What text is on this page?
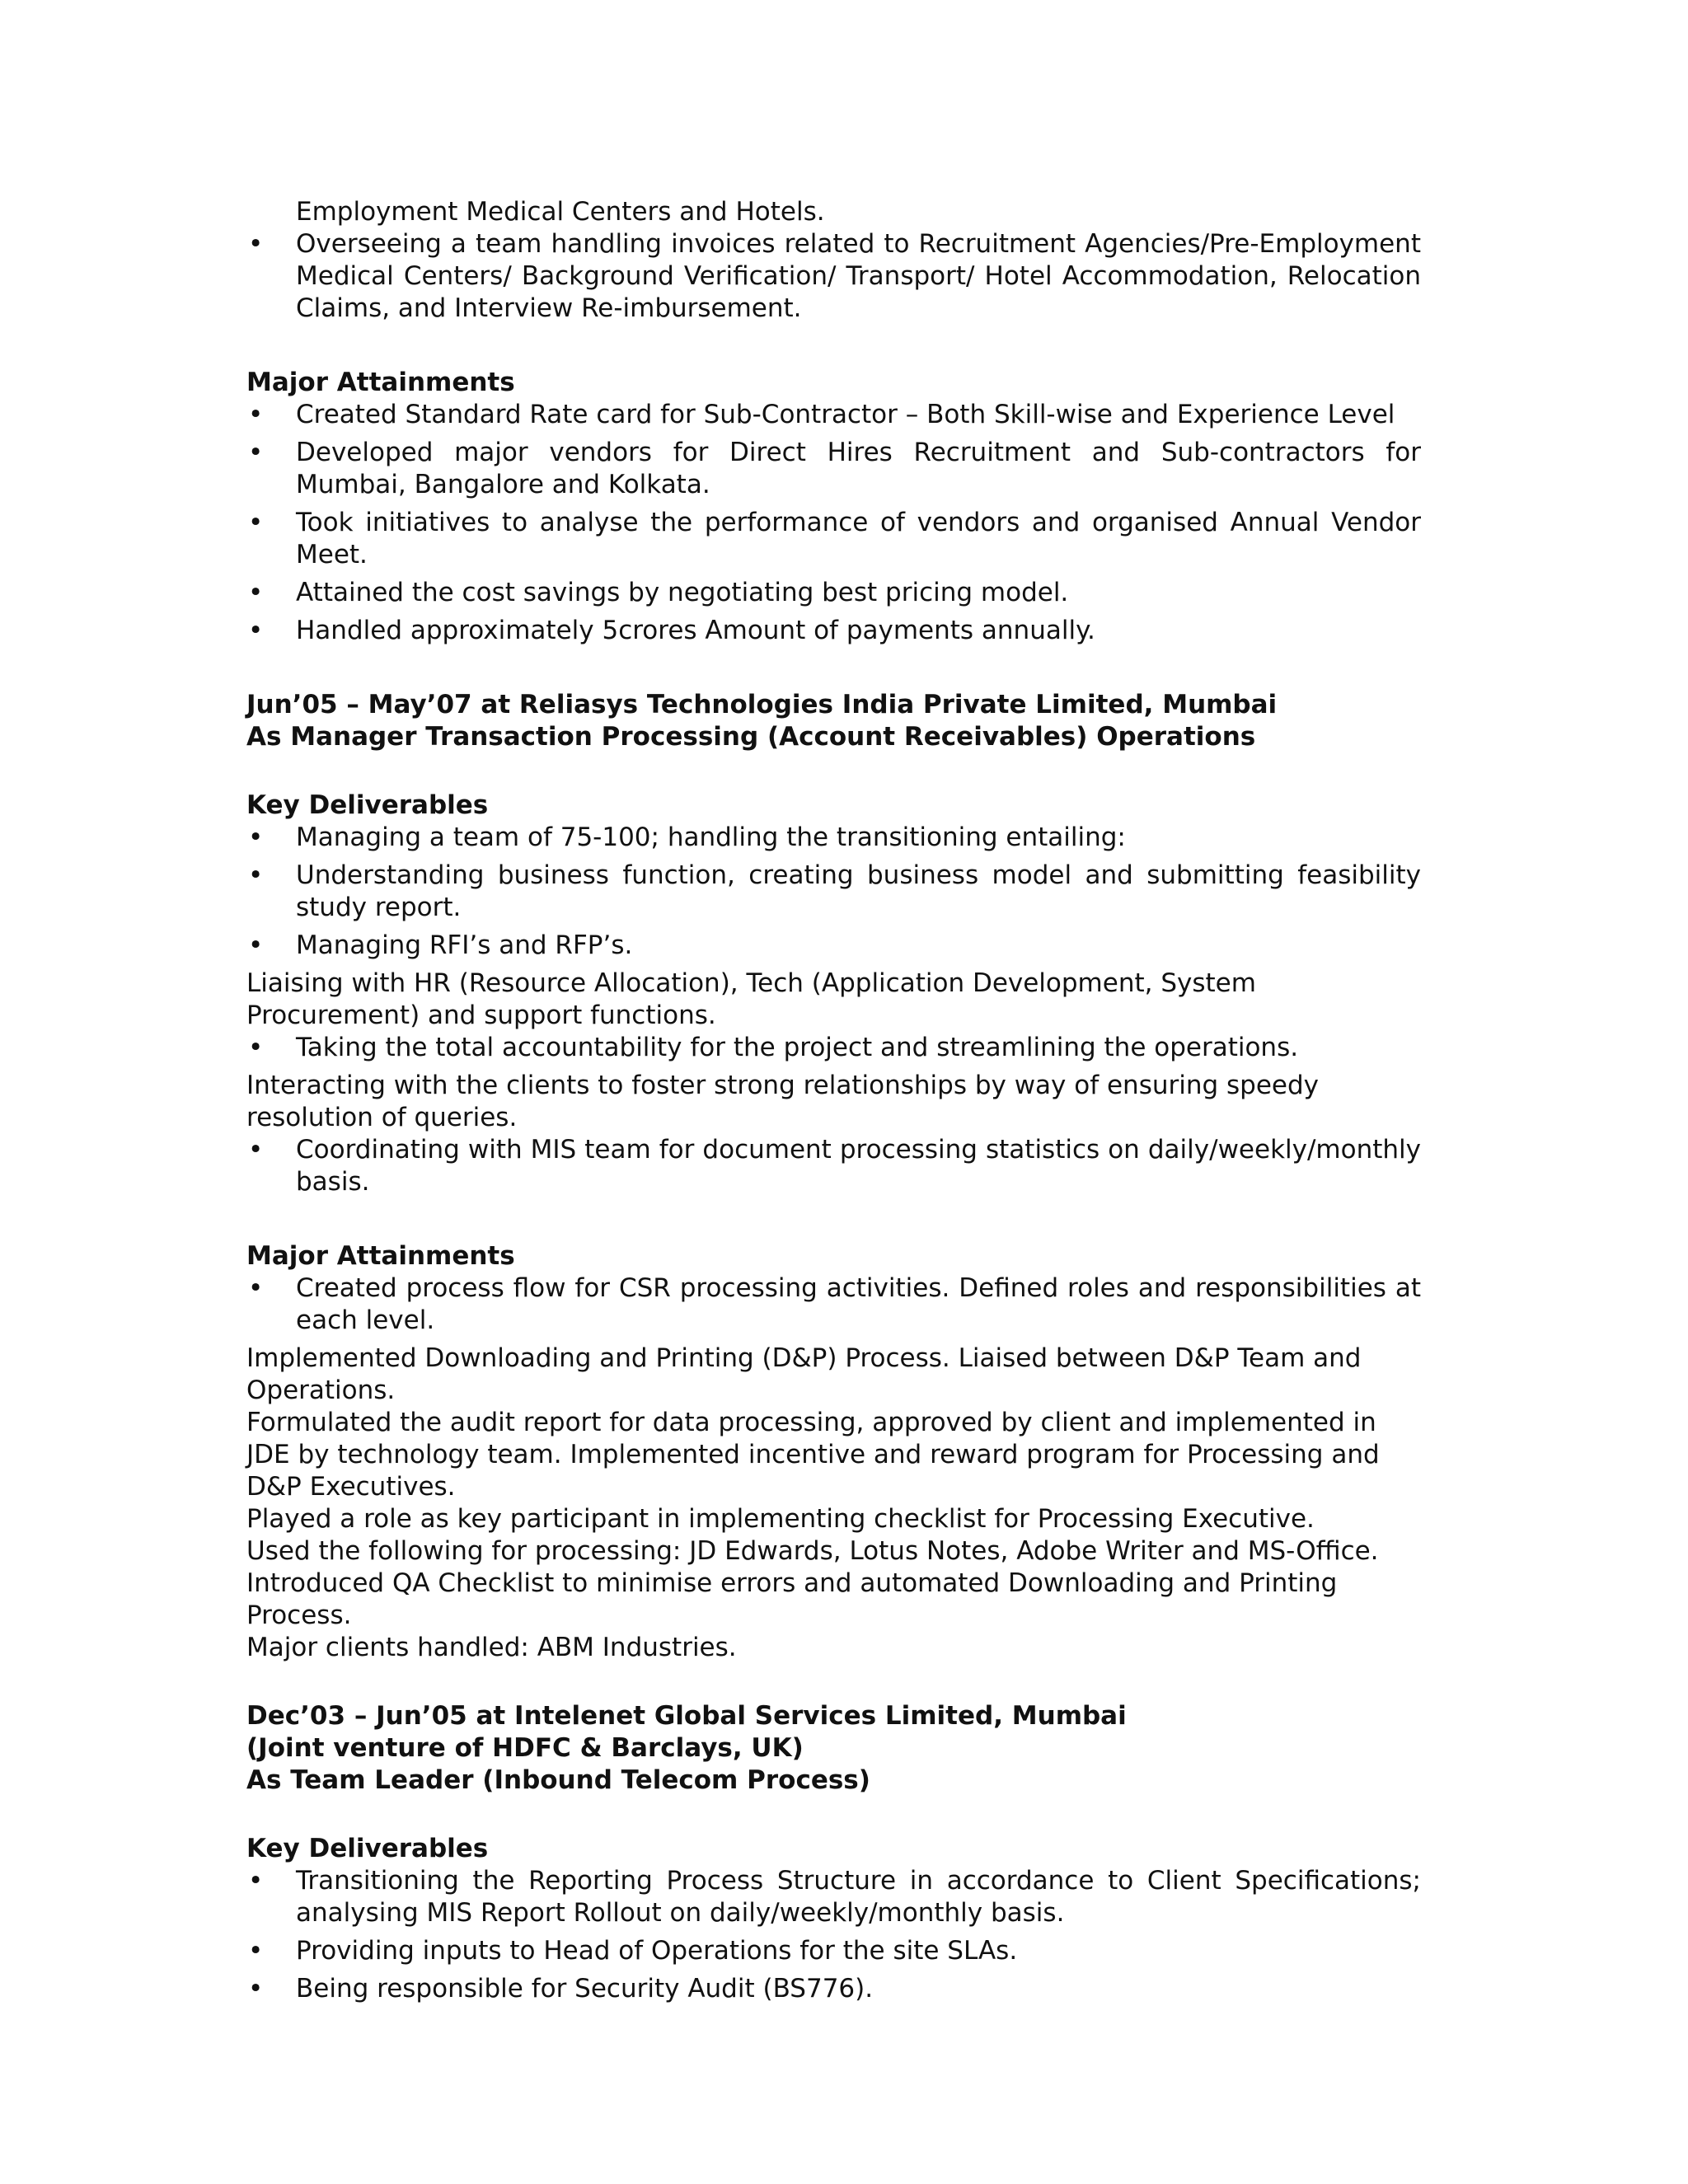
Employment Medical Centers and Hotels.
• Overseeing a team handling invoices related to Recruitment Agencies/Pre-Employment Medical Centers/ Background Verification/ Transport/ Hotel Accommodation, Relocation Claims, and Interview Re-imbursement.
Major Attainments
• Created Standard Rate card for Sub-Contractor – Both Skill-wise and Experience Level
• Developed major vendors for Direct Hires Recruitment and Sub-contractors for Mumbai, Bangalore and Kolkata.
• Took initiatives to analyse the performance of vendors and organised Annual Vendor Meet.
• Attained the cost savings by negotiating best pricing model.
• Handled approximately 5crores Amount of payments annually.
Jun’05 – May’07 at Reliasys Technologies India Private Limited, Mumbai
As Manager Transaction Processing (Account Receivables) Operations
Key Deliverables
• Managing a team of 75-100; handling the transitioning entailing:
• Understanding business function, creating business model and submitting feasibility study report.
• Managing RFI’s and RFP’s.
Liaising with HR (Resource Allocation), Tech (Application Development, System Procurement) and support functions.
• Taking the total accountability for the project and streamlining the operations.
Interacting with the clients to foster strong relationships by way of ensuring speedy resolution of queries.
• Coordinating with MIS team for document processing statistics on daily/weekly/monthly basis.
Major Attainments
• Created process flow for CSR processing activities. Defined roles and responsibilities at each level.
Implemented Downloading and Printing (D&P) Process. Liaised between D&P Team and Operations.
Formulated the audit report for data processing, approved by client and implemented in JDE by technology team. Implemented incentive and reward program for Processing and D&P Executives.
Played a role as key participant in implementing checklist for Processing Executive.
Used the following for processing: JD Edwards, Lotus Notes, Adobe Writer and MS-Office.
Introduced QA Checklist to minimise errors and automated Downloading and Printing Process.
Major clients handled: ABM Industries.
Dec’03 – Jun’05 at Intelenet Global Services Limited, Mumbai
(Joint venture of HDFC & Barclays, UK)
As Team Leader (Inbound Telecom Process)
Key Deliverables
• Transitioning the Reporting Process Structure in accordance to Client Specifications; analysing MIS Report Rollout on daily/weekly/monthly basis.
• Providing inputs to Head of Operations for the site SLAs.
• Being responsible for Security Audit (BS776).
